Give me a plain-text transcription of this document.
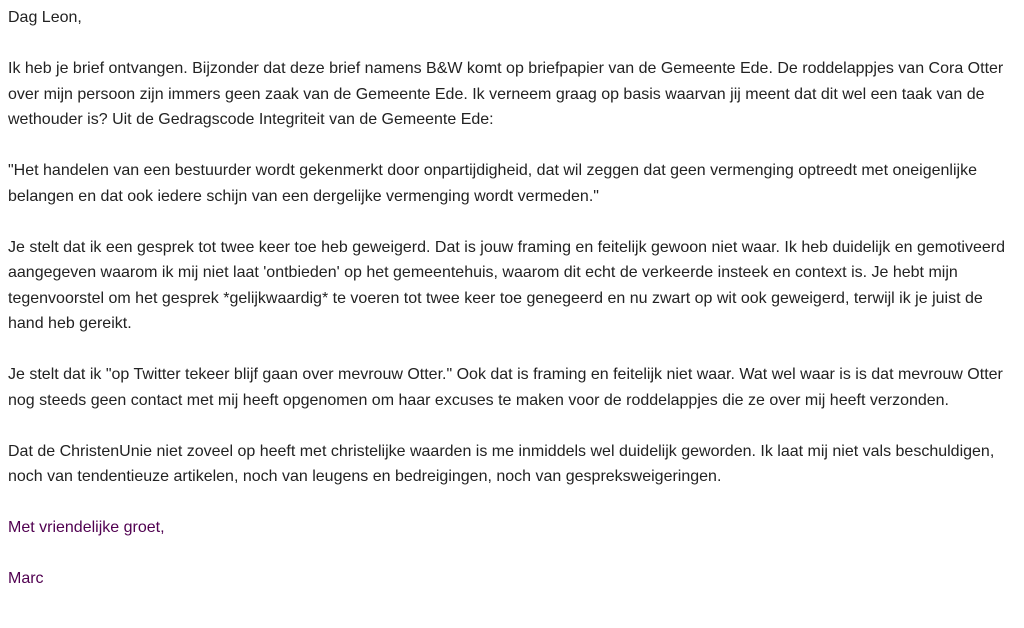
Dag Leon,

Ik heb je brief ontvangen. Bijzonder dat deze brief namens B&W komt op briefpapier van de Gemeente Ede. De roddelappjes van Cora Otter over mijn persoon zijn immers geen zaak van de Gemeente Ede. Ik verneem graag op basis waarvan jij meent dat dit wel een taak van de wethouder is? Uit de Gedragscode Integriteit van de Gemeente Ede:

"Het handelen van een bestuurder wordt gekenmerkt door onpartijdigheid, dat wil zeggen dat geen vermenging optreedt met oneigenlijke belangen en dat ook iedere schijn van een dergelijke vermenging wordt vermeden."

Je stelt dat ik een gesprek tot twee keer toe heb geweigerd. Dat is jouw framing en feitelijk gewoon niet waar. Ik heb duidelijk en gemotiveerd aangegeven waarom ik mij niet laat 'ontbieden' op het gemeentehuis, waarom dit echt de verkeerde insteek en context is. Je hebt mijn tegenvoorstel om het gesprek *gelijkwaardig* te voeren tot twee keer toe genegeerd en nu zwart op wit ook geweigerd, terwijl ik je juist de hand heb gereikt.

Je stelt dat ik "op Twitter tekeer blijf gaan over mevrouw Otter." Ook dat is framing en feitelijk niet waar. Wat wel waar is is dat mevrouw Otter nog steeds geen contact met mij heeft opgenomen om haar excuses te maken voor de roddelappjes die ze over mij heeft verzonden.

Dat de ChristenUnie niet zoveel op heeft met christelijke waarden is me inmiddels wel duidelijk geworden. Ik laat mij niet vals beschuldigen, noch van tendentieuze artikelen, noch van leugens en bedreigingen, noch van gespreksweigeringen.

Met vriendelijke groet,

Marc
